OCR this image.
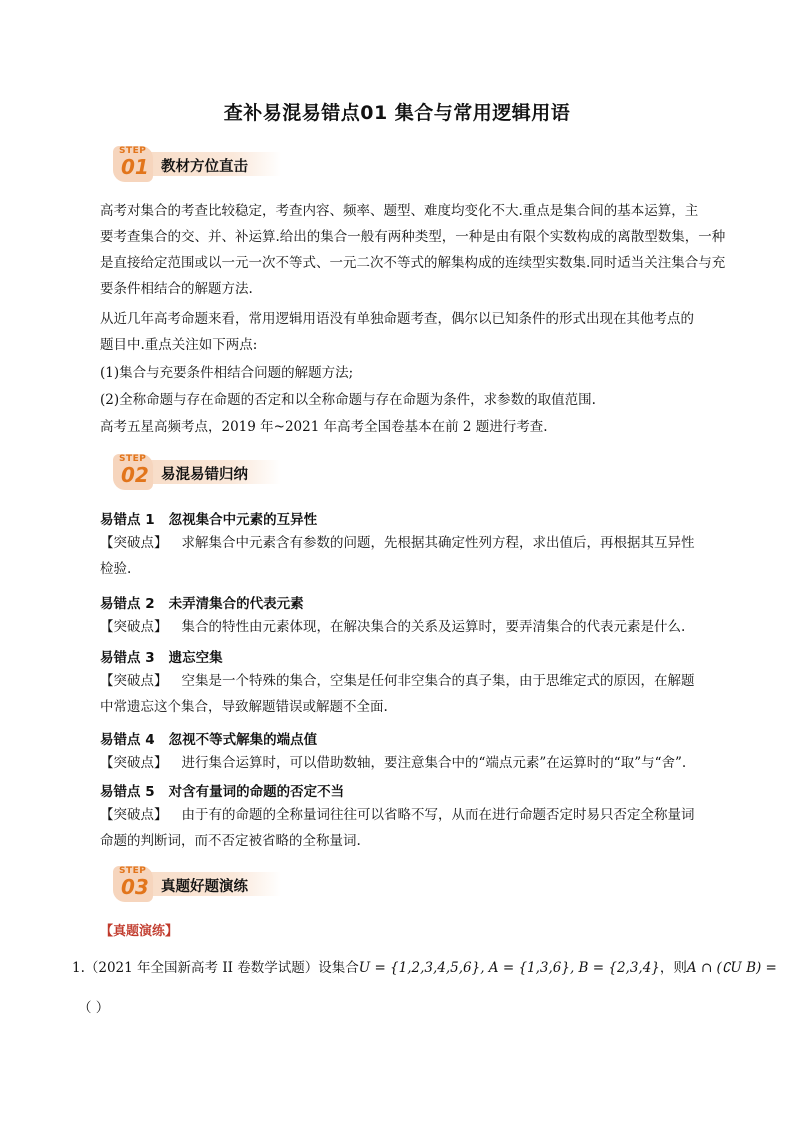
查补易混易错点01 集合与常用逻辑用语
STEP
01 教材方位直击
高考对集合的考查比较稳定，考查内容、频率、题型、难度均变化不大.重点是集合间的基本运算，主
要考查集合的交、并、补运算.给出的集合一般有两种类型，一种是由有限个实数构成的离散型数集，一种
是直接给定范围或以一元一次不等式、一元二次不等式的解集构成的连续型实数集.同时适当关注集合与充
要条件相结合的解题方法.
从近几年高考命题来看，常用逻辑用语没有单独命题考查，偶尔以已知条件的形式出现在其他考点的
题目中.重点关注如下两点:
(1)集合与充要条件相结合问题的解题方法;
(2)全称命题与存在命题的否定和以全称命题与存在命题为条件，求参数的取值范围.
高考五星高频考点，2019 年~2021 年高考全国卷基本在前 2 题进行考查.
STEP
02 易混易错归纳
易错点 1 忽视集合中元素的互异性
【突破点】 求解集合中元素含有参数的问题，先根据其确定性列方程，求出值后，再根据其互异性
检验.
易错点 2 未弄清集合的代表元素
【突破点】 集合的特性由元素体现，在解决集合的关系及运算时，要弄清集合的代表元素是什么.
易错点 3 遗忘空集
【突破点】 空集是一个特殊的集合，空集是任何非空集合的真子集，由于思维定式的原因，在解题
中常遗忘这个集合，导致解题错误或解题不全面.
易错点 4 忽视不等式解集的端点值
【突破点】 进行集合运算时，可以借助数轴，要注意集合中的“端点元素”在运算时的“取”与“舍”.
易错点 5 对含有量词的命题的否定不当
【突破点】 由于有的命题的全称量词往往可以省略不写，从而在进行命题否定时易只否定全称量词
命题的判断词，而不否定被省略的全称量词.
STEP
03 真题好题演练
【真题演练】
1.（2021 年全国新高考 II 卷数学试题）设集合U = {1,2,3,4,5,6}, A = {1,3,6}, B = {2,3,4}，则A ∩ (∁U B) =
（ ）
